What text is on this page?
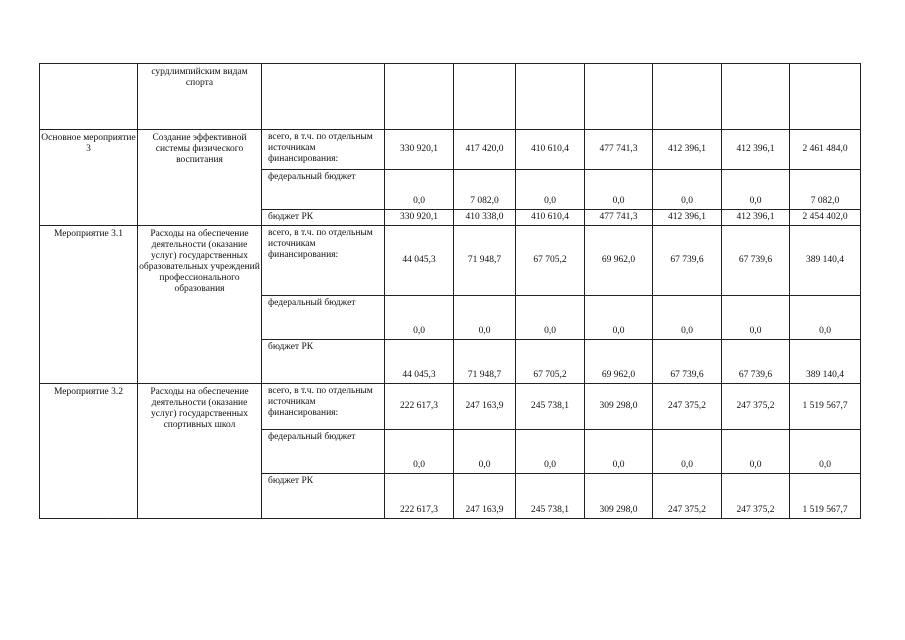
	сурдлимпийским видам спорта								
Основное мероприятие 3	Создание эффективной системы физического воспитания	всего, в т.ч. по отдельным источникам финансирования:	330 920,1	417 420,0	410 610,4	477 741,3	412 396,1	412 396,1	2 461 484,0
		федеральный бюджет	0,0	7 082,0	0,0	0,0	0,0	0,0	7 082,0
		бюджет РК	330 920,1	410 338,0	410 610,4	477 741,3	412 396,1	412 396,1	2 454 402,0
Мероприятие 3.1	Расходы на обеспечение деятельности (оказание услуг) государственных образовательных учреждений профессионального образования	всего, в т.ч. по отдельным источникам финансирования:	44 045,3	71 948,7	67 705,2	69 962,0	67 739,6	67 739,6	389 140,4
		федеральный бюджет	0,0	0,0	0,0	0,0	0,0	0,0	0,0
		бюджет РК	44 045,3	71 948,7	67 705,2	69 962,0	67 739,6	67 739,6	389 140,4
Мероприятие 3.2	Расходы на обеспечение деятельности (оказание услуг) государственных спортивных школ	всего, в т.ч. по отдельным источникам финансирования:	222 617,3	247 163,9	245 738,1	309 298,0	247 375,2	247 375,2	1 519 567,7
		федеральный бюджет	0,0	0,0	0,0	0,0	0,0	0,0	0,0
		бюджет РК	222 617,3	247 163,9	245 738,1	309 298,0	247 375,2	247 375,2	1 519 567,7
·
